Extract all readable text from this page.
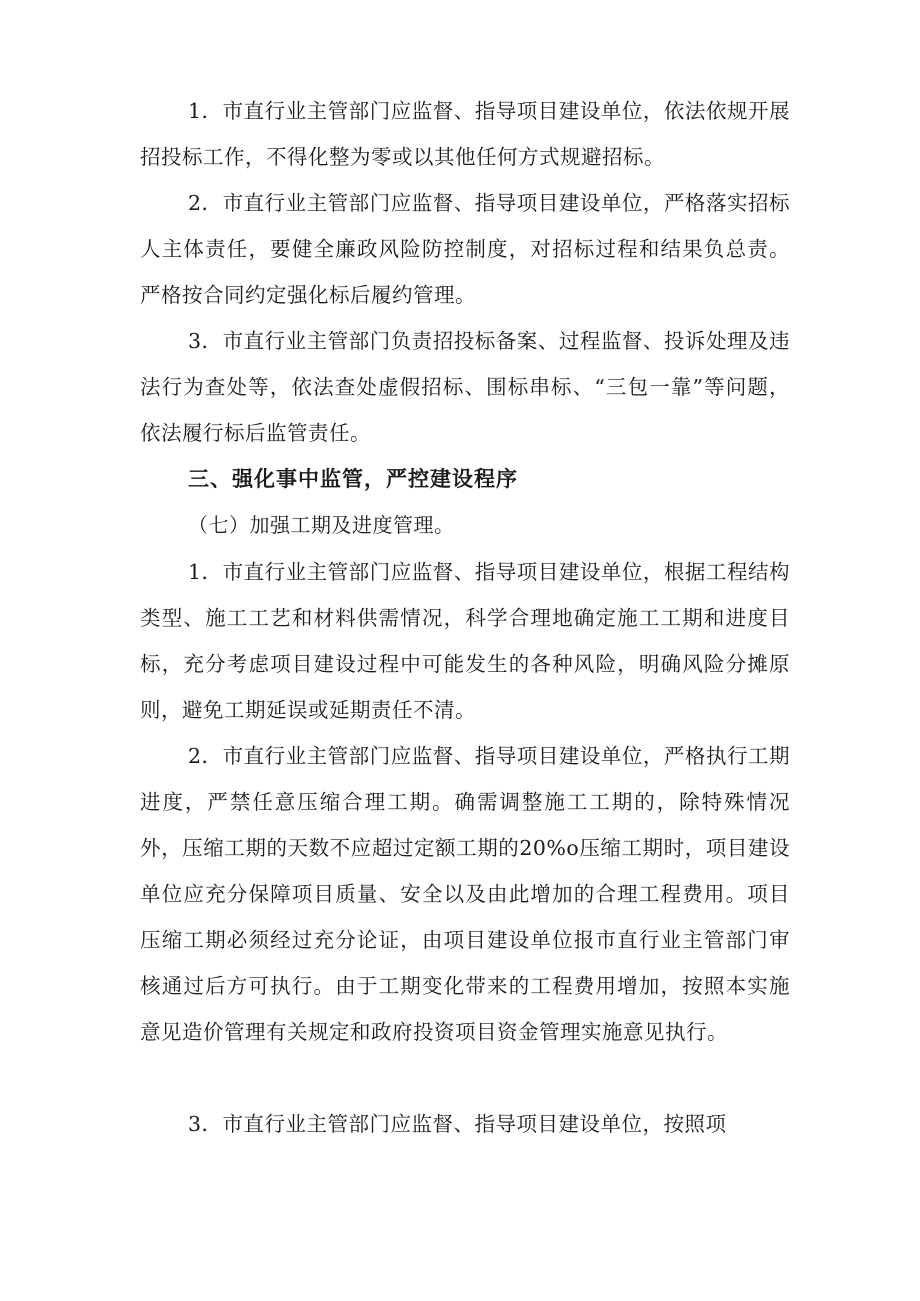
1．市直行业主管部门应监督、指导项目建设单位，依法依规开展招投标工作，不得化整为零或以其他任何方式规避招标。

2．市直行业主管部门应监督、指导项目建设单位，严格落实招标人主体责任，要健全廉政风险防控制度，对招标过程和结果负总责。严格按合同约定强化标后履约管理。

3．市直行业主管部门负责招投标备案、过程监督、投诉处理及违法行为查处等，依法查处虚假招标、围标串标、“三包一靠”等问题，依法履行标后监管责任。

三、强化事中监管，严控建设程序

（七）加强工期及进度管理。

1．市直行业主管部门应监督、指导项目建设单位，根据工程结构类型、施工工艺和材料供需情况，科学合理地确定施工工期和进度目标，充分考虑项目建设过程中可能发生的各种风险，明确风险分摊原则，避免工期延误或延期责任不清。

2．市直行业主管部门应监督、指导项目建设单位，严格执行工期进度，严禁任意压缩合理工期。确需调整施工工期的，除特殊情况外，压缩工期的天数不应超过定额工期的20%o压缩工期时，项目建设单位应充分保障项目质量、安全以及由此增加的合理工程费用。项目压缩工期必须经过充分论证，由项目建设单位报市直行业主管部门审核通过后方可执行。由于工期变化带来的工程费用增加，按照本实施意见造价管理有关规定和政府投资项目资金管理实施意见执行。

3．市直行业主管部门应监督、指导项目建设单位，按照项
